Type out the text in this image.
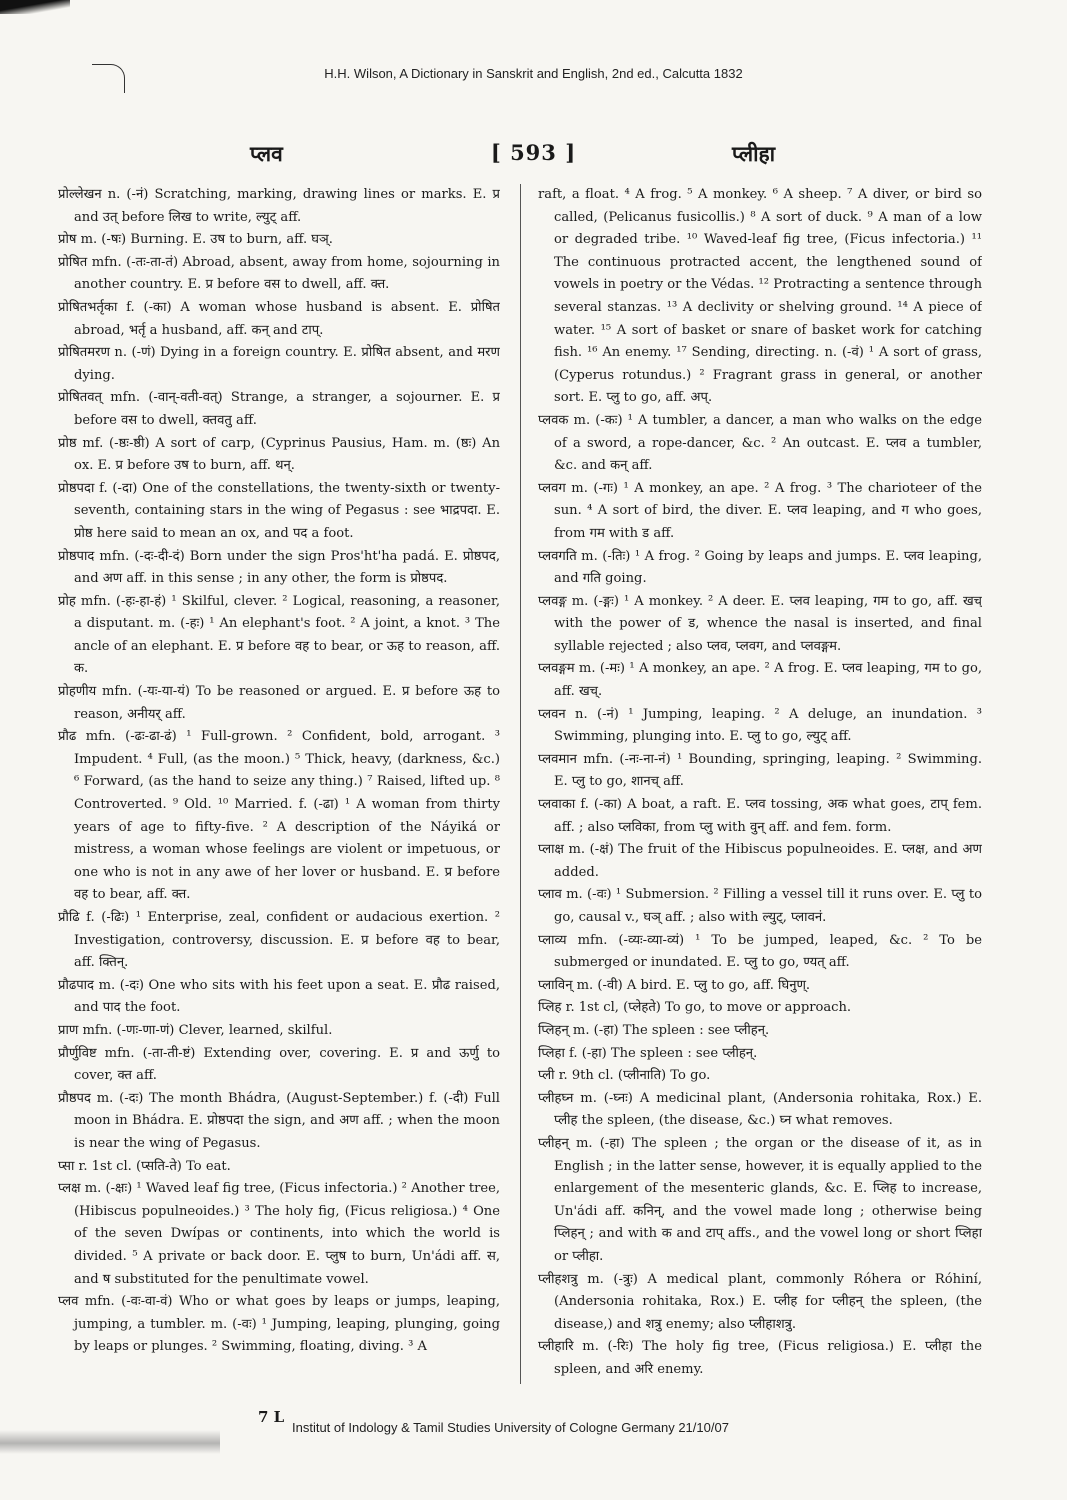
H.H. Wilson, A Dictionary in Sanskrit and English, 2nd ed., Calcutta 1832
प्लव	[ 593 ]	प्लीहा

प्रोल्लेखन n. (-नं) Scratching, marking, drawing lines or marks. E. प्र and उत् before लिख to write, ल्युट् aff.

प्रोष m. (-षः) Burning. E. उष to burn, aff. घञ्.

प्रोषित mfn. (-तः-ता-तं) Abroad, absent, away from home, sojourning in another country. E. प्र before वस to dwell, aff. क्त.

प्रोषितभर्तृका f. (-का) A woman whose husband is absent. E. प्रोषित abroad, भर्तृ a husband, aff. कन् and टाप्.

प्रोषितमरण n. (-णं) Dying in a foreign country. E. प्रोषित absent, and मरण dying.

प्रोषितवत् mfn. (-वान्-वती-वत्) Strange, a stranger, a sojourner. E. प्र before वस to dwell, क्तवतु aff.

प्रोष्ठ mf. (-ष्ठः-ष्ठी) A sort of carp, (Cyprinus Pausius, Ham. m. (ष्ठः) An ox. E. प्र before उष to burn, aff. थन्.

प्रोष्ठपदा f. (-दा) One of the constellations, the twenty-sixth or twenty-seventh, containing stars in the wing of Pegasus : see भाद्रपदा. E. प्रोष्ठ here said to mean an ox, and पद a foot.

प्रोष्ठपाद mfn. (-दः-दी-दं) Born under the sign Pros'ht'ha padá. E. प्रोष्ठपद, and अण aff. in this sense ; in any other, the form is प्रोष्ठपद.

प्रोह mfn. (-हः-हा-हं) ¹ Skilful, clever. ² Logical, reasoning, a reasoner, a disputant. m. (-हः) ¹ An elephant's foot. ² A joint, a knot. ³ The ancle of an elephant. E. प्र before वह to bear, or ऊह to reason, aff. क.

प्रोहणीय mfn. (-यः-या-यं) To be reasoned or argued. E. प्र before ऊह to reason, अनीयर् aff.

प्रौढ mfn. (-ढः-ढा-ढं) ¹ Full-grown. ² Confident, bold, arrogant. ³ Impudent. ⁴ Full, (as the moon.) ⁵ Thick, heavy, (darkness, &c.) ⁶ Forward, (as the hand to seize any thing.) ⁷ Raised, lifted up. ⁸ Controverted. ⁹ Old. ¹⁰ Married. f. (-ढा) ¹ A woman from thirty years of age to fifty-five. ² A description of the Náyiká or mistress, a woman whose feelings are violent or impetuous, or one who is not in any awe of her lover or husband. E. प्र before वह to bear, aff. क्त.

प्रौढि f. (-ढिः) ¹ Enterprise, zeal, confident or audacious exertion. ² Investigation, controversy, discussion. E. प्र before वह to bear, aff. क्तिन्.

प्रौढपाद m. (-दः) One who sits with his feet upon a seat. E. प्रौढ raised, and पाद the foot.

प्राण mfn. (-णः-णा-णं) Clever, learned, skilful.

प्रौर्णुविष्ट mfn. (-ता-ती-ष्टं) Extending over, covering. E. प्र and ऊर्णु to cover, क्त aff.

प्रौष्ठपद m. (-दः) The month Bhádra, (August-September.) f. (-दी) Full moon in Bhádra. E. प्रोष्ठपदा the sign, and अण aff. ; when the moon is near the wing of Pegasus.

प्सा r. 1st cl. (प्सति-ते) To eat.

प्लक्ष m. (-क्षः) ¹ Waved leaf fig tree, (Ficus infectoria.) ² Another tree, (Hibiscus populneoides.) ³ The holy fig, (Ficus religiosa.) ⁴ One of the seven Dwípas or continents, into which the world is divided. ⁵ A private or back door. E. प्लुष to burn, Un'ádi aff. स, and ष substituted for the penultimate vowel.

प्लव mfn. (-वः-वा-वं) Who or what goes by leaps or jumps, leaping, jumping, a tumbler. m. (-वः) ¹ Jumping, leaping, plunging, going by leaps or plunges. ² Swimming, floating, diving. ³ A

raft, a float. ⁴ A frog. ⁵ A monkey. ⁶ A sheep. ⁷ A diver, or bird so called, (Pelicanus fusicollis.) ⁸ A sort of duck. ⁹ A man of a low or degraded tribe. ¹⁰ Waved-leaf fig tree, (Ficus infectoria.) ¹¹ The continuous protracted accent, the lengthened sound of vowels in poetry or the Védas. ¹² Protracting a sentence through several stanzas. ¹³ A declivity or shelving ground. ¹⁴ A piece of water. ¹⁵ A sort of basket or snare of basket work for catching fish. ¹⁶ An enemy. ¹⁷ Sending, directing. n. (-वं) ¹ A sort of grass, (Cyperus rotundus.) ² Fragrant grass in general, or another sort. E. प्लु to go, aff. अप्.

प्लवक m. (-कः) ¹ A tumbler, a dancer, a man who walks on the edge of a sword, a rope-dancer, &c. ² An outcast. E. प्लव a tumbler, &c. and कन् aff.

प्लवग m. (-गः) ¹ A monkey, an ape. ² A frog. ³ The charioteer of the sun. ⁴ A sort of bird, the diver. E. प्लव leaping, and ग who goes, from गम with ड aff.

प्लवगति m. (-तिः) ¹ A frog. ² Going by leaps and jumps. E. प्लव leaping, and गति going.

प्लवङ्ग m. (-ङ्गः) ¹ A monkey. ² A deer. E. प्लव leaping, गम to go, aff. खच् with the power of ड, whence the nasal is inserted, and final syllable rejected ; also प्लव, प्लवग, and प्लवङ्गम.

प्लवङ्गम m. (-मः) ¹ A monkey, an ape. ² A frog. E. प्लव leaping, गम to go, aff. खच्.

प्लवन n. (-नं) ¹ Jumping, leaping. ² A deluge, an inundation. ³ Swimming, plunging into. E. प्लु to go, ल्युट् aff.

प्लवमान mfn. (-नः-ना-नं) ¹ Bounding, springing, leaping. ² Swimming. E. प्लु to go, शानच् aff.

प्लवाका f. (-का) A boat, a raft. E. प्लव tossing, अक what goes, टाप् fem. aff. ; also प्लविका, from प्लु with वुन् aff. and fem. form.

प्लाक्ष m. (-क्षं) The fruit of the Hibiscus populneoides. E. प्लक्ष, and अण added.

प्लाव m. (-वः) ¹ Submersion. ² Filling a vessel till it runs over. E. प्लु to go, causal v., घञ् aff. ; also with ल्युट्, प्लावनं.

प्लाव्य mfn. (-व्यः-व्या-व्यं) ¹ To be jumped, leaped, &c. ² To be submerged or inundated. E. प्लु to go, ण्यत् aff.

प्लाविन् m. (-वी) A bird. E. प्लु to go, aff. घिनुण्.

प्लिह r. 1st cl, (प्लेहते) To go, to move or approach.

प्लिहन् m. (-हा) The spleen : see प्लीहन्.

प्लिहा f. (-हा) The spleen : see प्लीहन्.

प्ली r. 9th cl. (प्लीनाति) To go.

प्लीहघ्न m. (-घ्नः) A medicinal plant, (Andersonia rohitaka, Rox.) E. प्लीह the spleen, (the disease, &c.) घ्न what removes.

प्लीहन् m. (-हा) The spleen ; the organ or the disease of it, as in English ; in the latter sense, however, it is equally applied to the enlargement of the mesenteric glands, &c. E. प्लिह to increase, Un'ádi aff. कनिन्, and the vowel made long ; otherwise being प्लिहन् ; and with क and टाप् affs., and the vowel long or short प्लिहा or प्लीहा.

प्लीहशत्रु m. (-त्रुः) A medical plant, commonly Róhera or Róhiní, (Andersonia rohitaka, Rox.) E. प्लीह for प्लीहन् the spleen, (the disease,) and शत्रु enemy; also प्लीहाशत्रु.

प्लीहारि m. (-रिः) The holy fig tree, (Ficus religiosa.) E. प्लीहा the spleen, and अरि enemy.

7 L
Institut of Indology & Tamil Studies University of Cologne Germany 21/10/07
